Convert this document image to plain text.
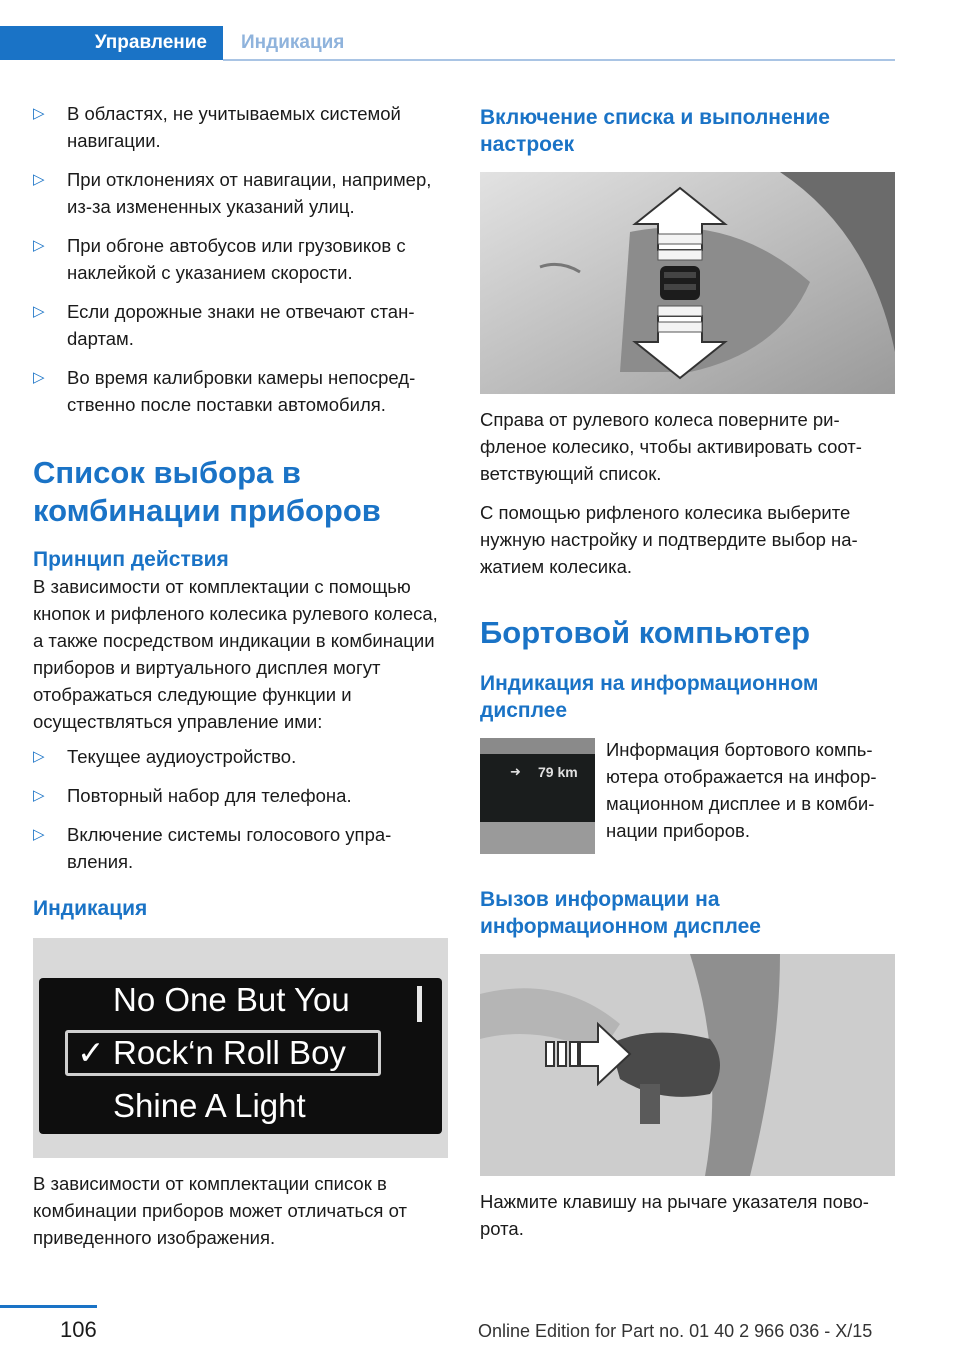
Управление	Индикация
▷ В областях, не учитываемых системой навигации.
▷ При отклонениях от навигации, например, из-за измененных указаний улиц.
▷ При обгоне автобусов или грузовиков с наклейкой с указанием скорости.
▷ Если дорожные знаки не отвечают станdартам.
▷ Во время калибровки камеры непосредственно после поставки автомобиля.
Список выбора в комбинации приборов
Принцип действия

В зависимости от комплектации с помощью кнопок и рифленого колесика рулевого колеса, а также посредством индикации в комбинации приборов и виртуального дисплея могут отображаться следующие функции и осуществляться управление ими:

▷ Текущее аудиоустройство.
▷ Повторный набор для телефона.
▷ Включение системы голосового управления.
Индикация
No One But You
✓ Rock‘n Roll Boy
Shine A Light

В зависимости от комплектации список в комбинации приборов может отличаться от приведенного изображения.

Включение списка и выполнение настроек

Справа от рулевого колеса поверните рифленое колесико, чтобы активировать соответствующий список.

С помощью рифленого колесика выберите нужную настройку и подтвердите выбор нажатием колесика.

Бортовой компьютер
Индикация на информационном дисплее
➜ 79 km

Информация бортового компьютера отображается на информационном дисплее и в комбинации приборов.

Вызов информации на информационном дисплее

Нажмите клавишу на рычаге указателя поворота.

106	Online Edition for Part no. 01 40 2 966 036 - X/15
